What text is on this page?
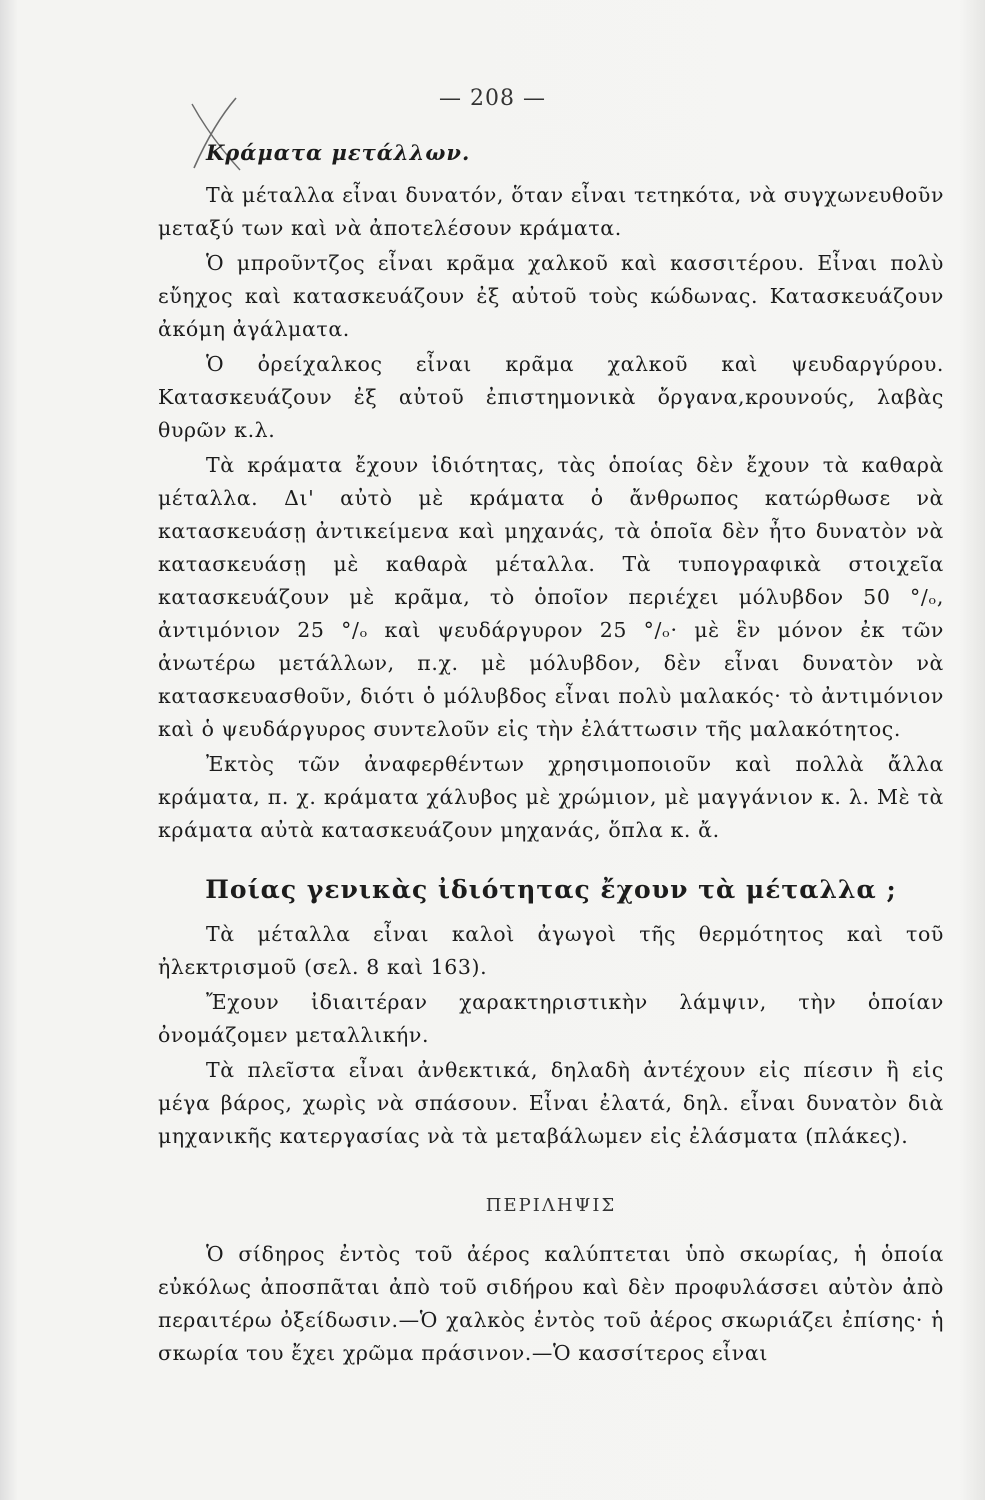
— 208 —
Κράματα μετάλλων.

Τὰ μέταλλα εἶναι δυνατόν, ὅταν εἶναι τετηκότα, νὰ συγχωνευθοῦν μεταξύ των καὶ νὰ ἀποτελέσουν κράματα.

Ὁ μπροῦντζος εἶναι κρᾶμα χαλκοῦ καὶ κασσιτέρου. Εἶναι πολὺ εὔηχος καὶ κατασκευάζουν ἐξ αὐτοῦ τοὺς κώδωνας. Κατασκευάζουν ἀκόμη ἀγάλματα.

Ὁ ὀρείχαλκος εἶναι κρᾶμα χαλκοῦ καὶ ψευδαργύρου. Κατασκευάζουν ἐξ αὐτοῦ ἐπιστημονικὰ ὄργανα,κρουνούς, λαβὰς θυρῶν κ.λ.

Τὰ κράματα ἔχουν ἰδιότητας, τὰς ὁποίας δὲν ἔχουν τὰ καθαρὰ μέταλλα. Δι' αὐτὸ μὲ κράματα ὁ ἄνθρωπος κατώρθωσε νὰ κατασκευάσῃ ἀντικείμενα καὶ μηχανάς, τὰ ὁποῖα δὲν ἦτο δυνατὸν νὰ κατασκευάσῃ μὲ καθαρὰ μέταλλα. Τὰ τυπογραφικὰ στοιχεῖα κατασκευάζουν μὲ κρᾶμα, τὸ ὁποῖον περιέχει μόλυβδον 50 °/ₒ, ἀντιμόνιον 25 °/ₒ καὶ ψευδάργυρον 25 °/ₒ· μὲ ἓν μόνον ἐκ τῶν ἀνωτέρω μετάλλων, π.χ. μὲ μόλυβδον, δὲν εἶναι δυνατὸν νὰ κατασκευασθοῦν, διότι ὁ μόλυβδος εἶναι πολὺ μαλακός· τὸ ἀντιμόνιον καὶ ὁ ψευδάργυρος συντελοῦν εἰς τὴν ἐλάττωσιν τῆς μαλακότητος.

Ἐκτὸς τῶν ἀναφερθέντων χρησιμοποιοῦν καὶ πολλὰ ἄλλα κράματα, π. χ. κράματα χάλυβος μὲ χρώμιον, μὲ μαγγάνιον κ. λ. Μὲ τὰ κράματα αὐτὰ κατασκευάζουν μηχανάς, ὅπλα κ. ἄ.

Ποίας γενικὰς ἰδιότητας ἔχουν τὰ μέταλλα ;

Τὰ μέταλλα εἶναι καλοὶ ἀγωγοὶ τῆς θερμότητος καὶ τοῦ ἠλεκτρισμοῦ (σελ. 8 καὶ 163).

Ἔχουν ἰδιαιτέραν χαρακτηριστικὴν λάμψιν, τὴν ὁποίαν ὀνομάζομεν μεταλλικήν.

Τὰ πλεῖστα εἶναι ἀνθεκτικά, δηλαδὴ ἀντέχουν εἰς πίεσιν ἢ εἰς μέγα βάρος, χωρὶς νὰ σπάσουν. Εἶναι ἐλατά, δηλ. εἶναι δυνατὸν διὰ μηχανικῆς κατεργασίας νὰ τὰ μεταβάλωμεν εἰς ἐλάσματα (πλάκες).

ΠΕΡΙΛΗΨΙΣ

Ὁ σίδηρος ἐντὸς τοῦ ἀέρος καλύπτεται ὑπὸ σκωρίας, ἡ ὁποία εὐκόλως ἀποσπᾶται ἀπὸ τοῦ σιδήρου καὶ δὲν προφυλάσσει αὐτὸν ἀπὸ περαιτέρω ὀξείδωσιν.—Ὁ χαλκὸς ἐντὸς τοῦ ἀέρος σκωριάζει ἐπίσης· ἡ σκωρία του ἔχει χρῶμα πράσινον.—Ὁ κασσίτερος εἶναι
